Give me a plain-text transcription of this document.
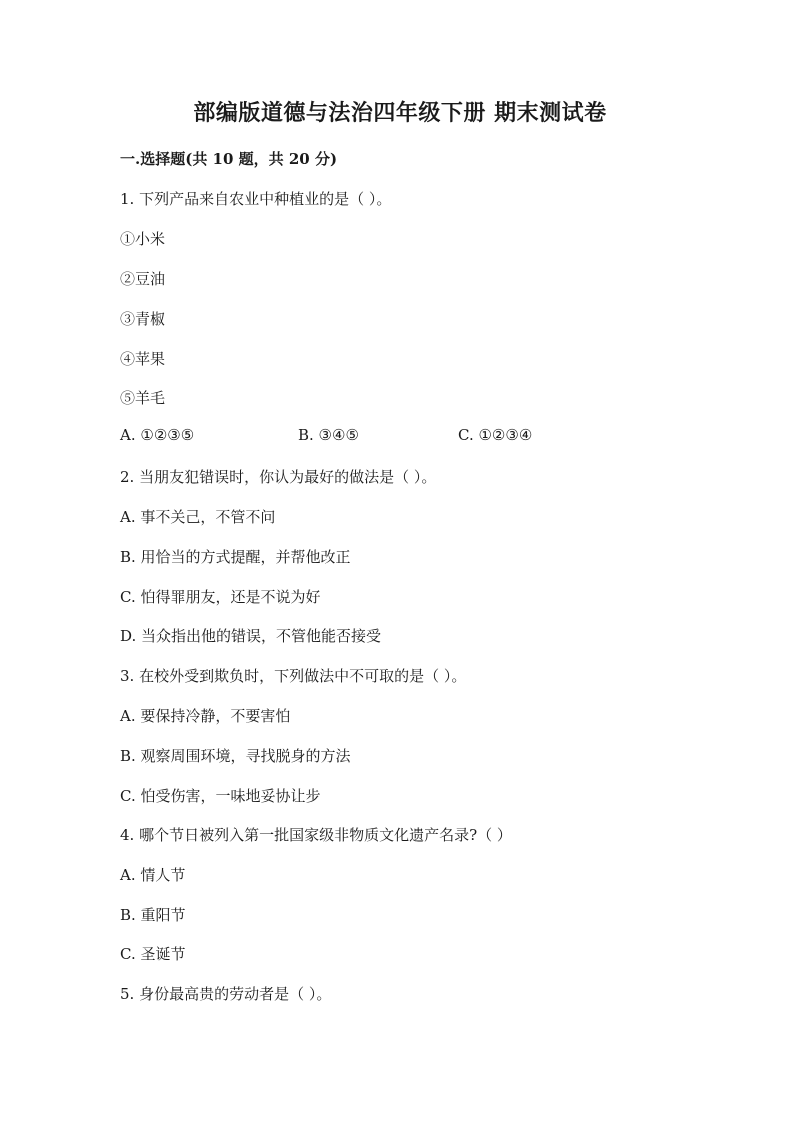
部编版道德与法治四年级下册 期末测试卷
一.选择题(共 10 题，共 20 分)
1. 下列产品来自农业中种植业的是（ ）。
①小米
②豆油
③青椒
④苹果
⑤羊毛
A. ①②③⑤	B. ③④⑤	C. ①②③④
2. 当朋友犯错误时，你认为最好的做法是（ ）。
A. 事不关己，不管不问
B. 用恰当的方式提醒，并帮他改正
C. 怕得罪朋友，还是不说为好
D. 当众指出他的错误，不管他能否接受
3. 在校外受到欺负时，下列做法中不可取的是（ ）。
A. 要保持冷静，不要害怕
B. 观察周围环境，寻找脱身的方法
C. 怕受伤害，一味地妥协让步
4. 哪个节日被列入第一批国家级非物质文化遗产名录?（ ）
A. 情人节
B. 重阳节
C. 圣诞节
5. 身份最高贵的劳动者是（ ）。
